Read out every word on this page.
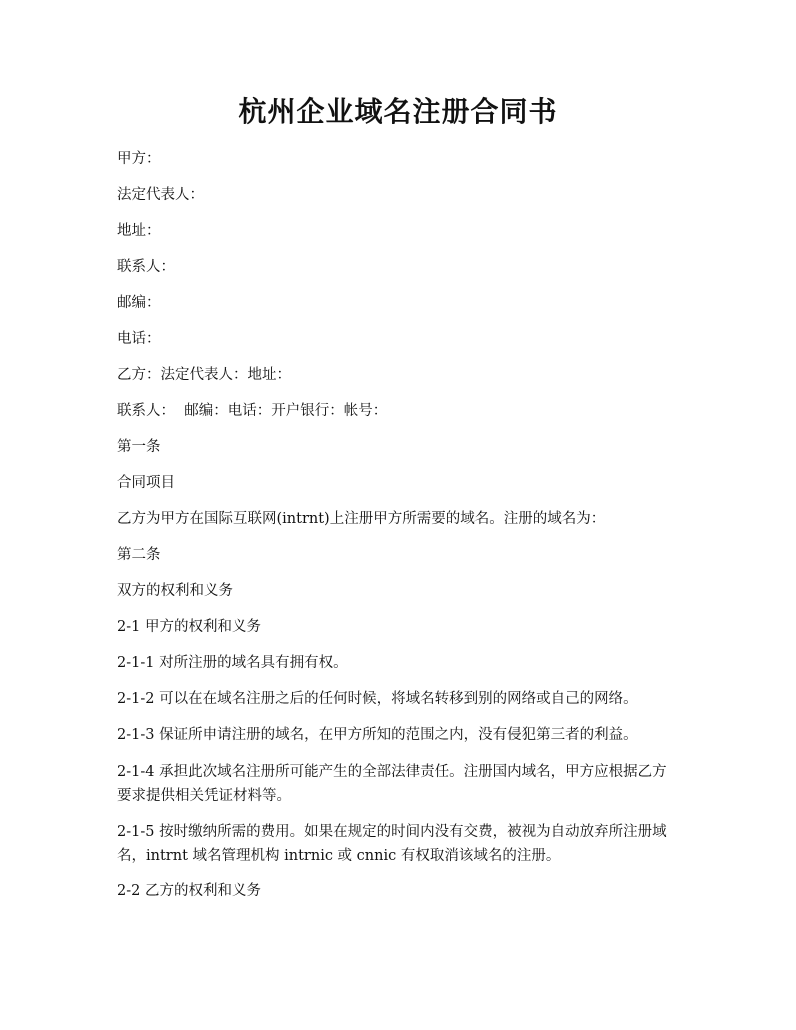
杭州企业域名注册合同书

甲方：

法定代表人：

地址：

联系人：

邮编：

电话：

乙方：法定代表人：地址：

联系人：  邮编：电话：开户银行：帐号：

第一条

合同项目

乙方为甲方在国际互联网(intrnt)上注册甲方所需要的域名。注册的域名为：

第二条

双方的权利和义务

2-1 甲方的权利和义务

2-1-1 对所注册的域名具有拥有权。

2-1-2 可以在在域名注册之后的任何时候，将域名转移到别的网络或自己的网络。

2-1-3 保证所申请注册的域名，在甲方所知的范围之内，没有侵犯第三者的利益。

2-1-4 承担此次域名注册所可能产生的全部法律责任。注册国内域名，甲方应根据乙方要求提供相关凭证材料等。

2-1-5 按时缴纳所需的费用。如果在规定的时间内没有交费，被视为自动放弃所注册域名，intrnt 域名管理机构 intrnic 或 cnnic 有权取消该域名的注册。

2-2 乙方的权利和义务
